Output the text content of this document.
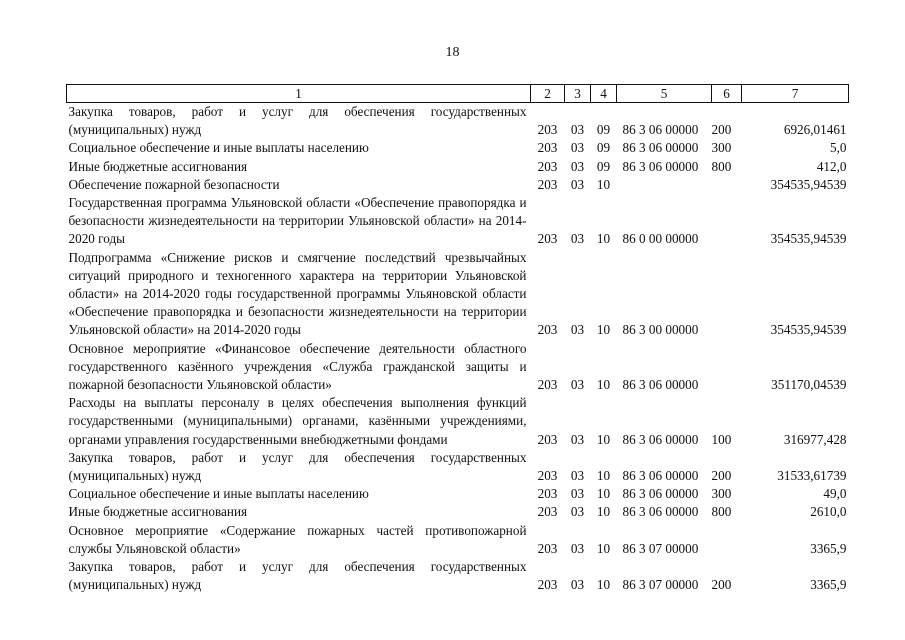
18
1	2	3	4	5	6	7
Закупка товаров, работ и услуг для обеспечения государственных (муниципальных) нужд	203	03	09	86 3 06 00000	200	6926,01461
Социальное обеспечение и иные выплаты населению	203	03	09	86 3 06 00000	300	5,0
Иные бюджетные ассигнования	203	03	09	86 3 06 00000	800	412,0
Обеспечение пожарной безопасности	203	03	10			354535,94539
Государственная программа Ульяновской области «Обеспечение правопорядка и безопасности жизнедеятельности на территории Ульяновской области» на 2014-2020 годы	203	03	10	86 0 00 00000		354535,94539
Подпрограмма «Снижение рисков и смягчение последствий чрезвычайных ситуаций природного и техногенного характера на территории Ульяновской области» на 2014-2020 годы государственной программы Ульяновской области «Обеспечение правопорядка и безопасности жизнедеятельности на территории Ульяновской области» на 2014-2020 годы	203	03	10	86 3 00 00000		354535,94539
Основное мероприятие «Финансовое обеспечение деятельности областного государственного казённого учреждения «Служба гражданской защиты и пожарной безопасности Ульяновской области»	203	03	10	86 3 06 00000		351170,04539
Расходы на выплаты персоналу в целях обеспечения выполнения функций государственными (муниципальными) органами, казёнными учреждениями, органами управления государственными внебюджетными фондами	203	03	10	86 3 06 00000	100	316977,428
Закупка товаров, работ и услуг для обеспечения государственных (муниципальных) нужд	203	03	10	86 3 06 00000	200	31533,61739
Социальное обеспечение и иные выплаты населению	203	03	10	86 3 06 00000	300	49,0
Иные бюджетные ассигнования	203	03	10	86 3 06 00000	800	2610,0
Основное мероприятие «Содержание пожарных частей противопожарной службы Ульяновской области»	203	03	10	86 3 07 00000		3365,9
Закупка товаров, работ и услуг для обеспечения государственных (муниципальных) нужд	203	03	10	86 3 07 00000	200	3365,9
